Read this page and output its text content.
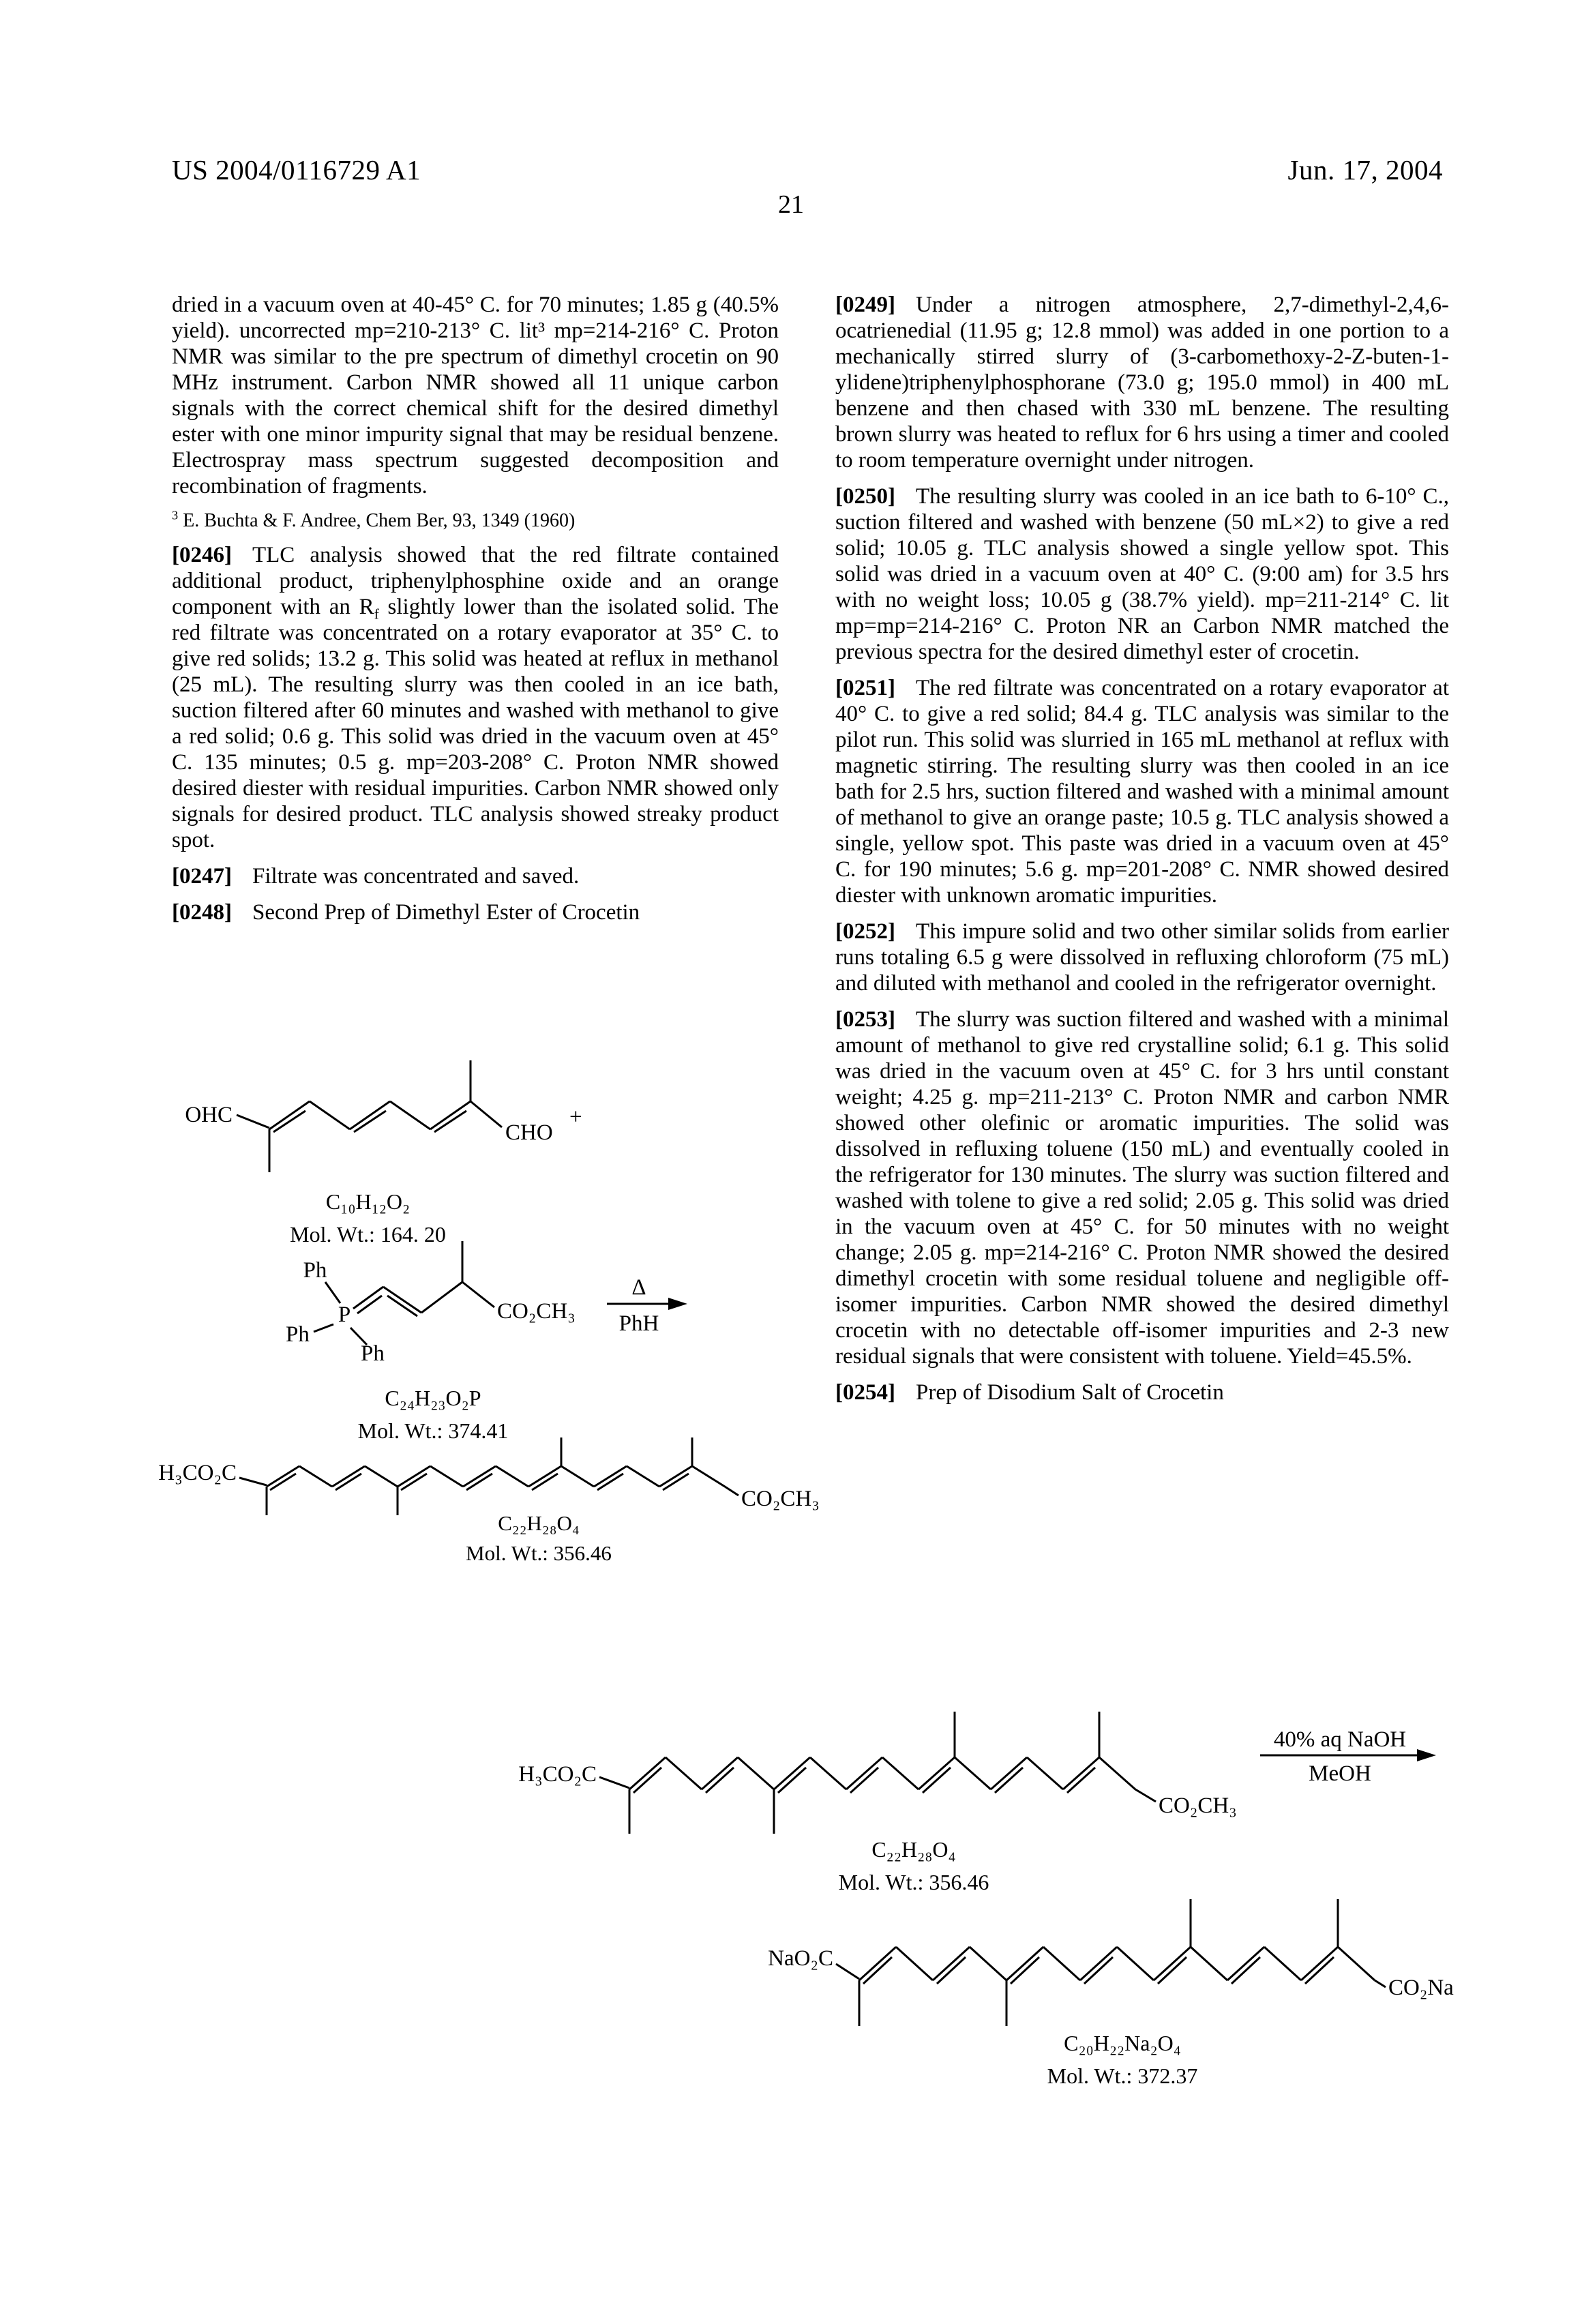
US 2004/0116729 A1	Jun. 17, 2004
21

dried in a vacuum oven at 40-45° C. for 70 minutes; 1.85 g (40.5% yield). uncorrected mp=210-213° C. lit³ mp=214-216° C. Proton NMR was similar to the pre spectrum of dimethyl crocetin on 90 MHz instrument. Carbon NMR showed all 11 unique carbon signals with the correct chemical shift for the desired dimethyl ester with one minor impurity signal that may be residual benzene. Electrospray mass spectrum suggested decomposition and recombination of fragments.

$^3$ E. Buchta & F. Andree, Chem Ber, 93, 1349 (1960)

[0246] TLC analysis showed that the red filtrate contained additional product, triphenylphosphine oxide and an orange component with an $R_f$ slightly lower than the isolated solid. The red filtrate was concentrated on a rotary evaporator at 35° C. to give red solids; 13.2 g. This solid was heated at reflux in methanol (25 mL). The resulting slurry was then cooled in an ice bath, suction filtered after 60 minutes and washed with methanol to give a red solid; 0.6 g. This solid was dried in the vacuum oven at 45° C. 135 minutes; 0.5 g. mp=203-208° C. Proton NMR showed desired diester with residual impurities. Carbon NMR showed only signals for desired product. TLC analysis showed streaky product spot.

[0247] Filtrate was concentrated and saved.

[0248] Second Prep of Dimethyl Ester of Crocetin

[0249] Under a nitrogen atmosphere, 2,7-dimethyl-2,4,6-ocatrienedial (11.95 g; 12.8 mmol) was added in one portion to a mechanically stirred slurry of (3-carbomethoxy-2-Z-buten-1-ylidene)triphenylphosphorane (73.0 g; 195.0 mmol) in 400 mL benzene and then chased with 330 mL benzene. The resulting brown slurry was heated to reflux for 6 hrs using a timer and cooled to room temperature overnight under nitrogen.

[0250] The resulting slurry was cooled in an ice bath to 6-10° C., suction filtered and washed with benzene (50 mL×2) to give a red solid; 10.05 g. TLC analysis showed a single yellow spot. This solid was dried in a vacuum oven at 40° C. (9:00 am) for 3.5 hrs with no weight loss; 10.05 g (38.7% yield). mp=211-214° C. lit mp=mp=214-216° C. Proton NR an Carbon NMR matched the previous spectra for the desired dimethyl ester of crocetin.

[0251] The red filtrate was concentrated on a rotary evaporator at 40° C. to give a red solid; 84.4 g. TLC analysis was similar to the pilot run. This solid was slurried in 165 mL methanol at reflux with magnetic stirring. The resulting slurry was then cooled in an ice bath for 2.5 hrs, suction filtered and washed with a minimal amount of methanol to give an orange paste; 10.5 g. TLC analysis showed a single, yellow spot. This paste was dried in a vacuum oven at 45° C. for 190 minutes; 5.6 g. mp=201-208° C. NMR showed desired diester with unknown aromatic impurities.

[0252] This impure solid and two other similar solids from earlier runs totaling 6.5 g were dissolved in refluxing chloroform (75 mL) and diluted with methanol and cooled in the refrigerator overnight.

[0253] The slurry was suction filtered and washed with a minimal amount of methanol to give red crystalline solid; 6.1 g. This solid was dried in the vacuum oven at 45° C. for 3 hrs until constant weight; 4.25 g. mp=211-213° C. Proton NMR and carbon NMR showed other olefinic or aromatic impurities. The solid was dissolved in refluxing toluene (150 mL) and eventually cooled in the refrigerator for 130 minutes. The slurry was suction filtered and washed with tolene to give a red solid; 2.05 g. This solid was dried in the vacuum oven at 45° C. for 50 minutes with no weight change; 2.05 g. mp=214-216° C. Proton NMR showed the desired dimethyl crocetin with some residual toluene and negligible off-isomer impurities. Carbon NMR showed the desired dimethyl crocetin with no detectable off-isomer impurities and 2-3 new residual signals that were consistent with toluene. Yield=45.5%.

[0254] Prep of Disodium Salt of Crocetin

OHC
CHO
+
C₁₀H₁₂O₂
Mol. Wt.: 164. 20
Ph
Ph
Ph
P	CO₂CH₃
Δ
PhH
C₂₄H₂₃O₂P
Mol. Wt.: 374.41
H₃CO₂C
CO₂CH₃
C₂₂H₂₈O₄
Mol. Wt.: 356.46
H₃CO₂C
CO₂CH₃
C₂₂H₂₈O₄
Mol. Wt.: 356.46
40% aq NaOH
MeOH
NaO₂C
CO₂Na
C₂₀H₂₂Na₂O₄
Mol. Wt.: 372.37
